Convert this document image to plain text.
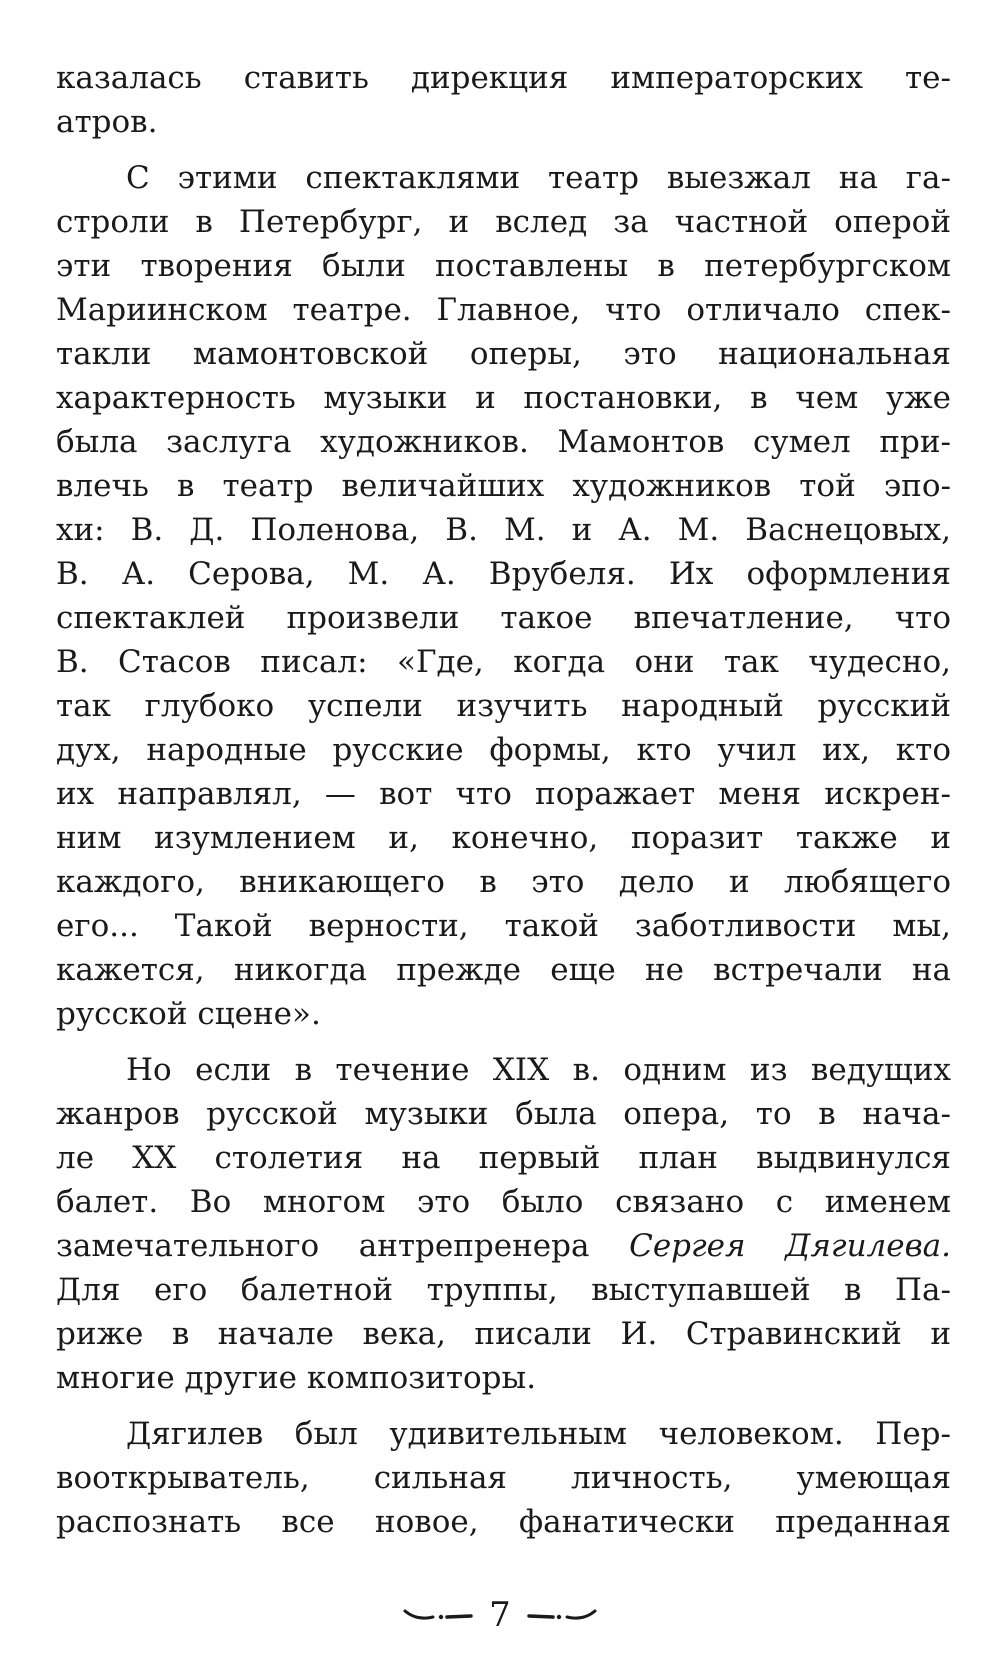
казалась ставить дирекция императорских те-
атров.
С этими спектаклями театр выезжал на га-
строли в Петербург, и вслед за частной оперой
эти творения были поставлены в петербургском
Мариинском театре. Главное, что отличало спек-
такли мамонтовской оперы, это национальная
характерность музыки и постановки, в чем уже
была заслуга художников. Мамонтов сумел при-
влечь в театр величайших художников той эпо-
хи: В. Д. Поленова, В. М. и А. М. Васнецовых,
В. А. Серова, М. А. Врубеля. Их оформления
спектаклей произвели такое впечатление, что
В. Стасов писал: «Где, когда они так чудесно,
так глубоко успели изучить народный русский
дух, народные русские формы, кто учил их, кто
их направлял, — вот что поражает меня искрен-
ним изумлением и, конечно, поразит также и
каждого, вникающего в это дело и любящего
его... Такой верности, такой заботливости мы,
кажется, никогда прежде еще не встречали на
русской сцене».
Но если в течение XIX в. одним из ведущих
жанров русской музыки была опера, то в нача-
ле XX столетия на первый план выдвинулся
балет. Во многом это было связано с именем
замечательного антрепренера Сергея Дягилева.
Для его балетной труппы, выступавшей в Па-
риже в начале века, писали И. Стравинский и
многие другие композиторы.
Дягилев был удивительным человеком. Пер-
вооткрыватель, сильная личность, умеющая
распознать все новое, фанатически преданная
7
